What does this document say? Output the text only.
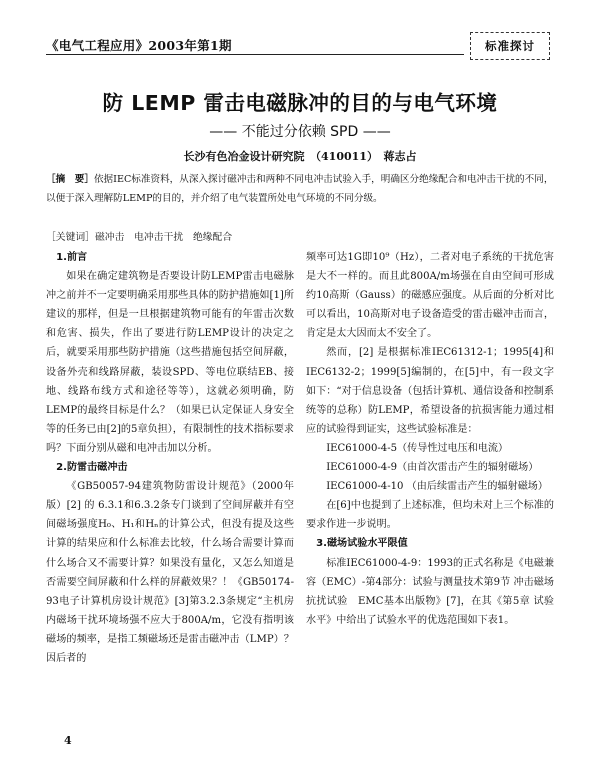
《电气工程应用》2003年第1期	标准探讨
防 LEMP 雷击电磁脉冲的目的与电气环境
—— 不能过分依赖 SPD ——
长沙有色冶金设计研究院　（410011）　蒋志占
［摘　要］依据IEC标准资料，从深入探讨磁冲击和两种不同电冲击试验入手，明确区分绝缘配合和电冲击干扰的不同，以便于深入理解防LEMP的目的，并介绍了电气装置所处电气环境的不同分级。
［关键词］磁冲击　电冲击干扰　绝缘配合
1.前言

如果在确定建筑物是否要设计防LEMP雷击电磁脉冲之前并不一定要明确采用那些具体的防护措施如[1]所建议的那样，但是一旦根据建筑物可能有的年雷击次数和危害、损失，作出了要进行防LEMP设计的决定之后，就要采用那些防护措施（这些措施包括空间屏蔽，设备外壳和线路屏蔽，装设SPD、等电位联结EB、接地、线路布线方式和途径等等），这就必须明确，防LEMP的最终目标是什么？（如果已认定保证人身安全等的任务已由[2]的5章负担），有限制性的技术指标要求吗？下面分别从磁和电冲击加以分析。

2.防雷击磁冲击

《GB50057-94建筑物防雷设计规范》（2000年版）[2] 的 6.3.1和6.3.2条专门谈到了空间屏蔽并有空间磁场强度H₀、H₁和Hₙ的计算公式，但没有提及这些计算的结果应和什么标准去比较，什么场合需要计算而什么场合又不需要计算？如果没有量化，又怎么知道是否需要空间屏蔽和什么样的屏蔽效果？！《GB50174-93电子计算机房设计规范》[3]第3.2.3条规定“主机房内磁场干扰环境场强不应大于800A/m，它没有指明该磁场的频率，是指工频磁场还是雷击磁冲击（LMP）？因后者的

频率可达1G即10⁹（Hz），二者对电子系统的干扰危害是大不一样的。而且此800A/m场强在自由空间可形成约10高斯（Gauss）的磁感应强度。从后面的分析对比可以看出，10高斯对电子设备造受的雷击磁冲击而言，肯定是太大因而太不安全了。

然而，[2] 是根据标准IEC61312-1；1995[4]和IEC6132-2；1999[5]编制的，在[5]中，有一段文字如下：“对于信息设备（包括计算机、通信设备和控制系统等的总称）防LEMP，希望设备的抗损害能力通过相应的试验得到证实，这些试验标准是：

IEC61000-4-5（传导性过电压和电流）
IEC61000-4-9（由首次雷击产生的辐射磁场）
IEC61000-4-10 （由后续雷击产生的辐射磁场）

在[6]中也提到了上述标准，但均未对上三个标准的要求作进一步说明。

3.磁场试验水平限值

标准IEC61000-4-9：1993的正式名称是《电磁兼容（EMC）-第4部分：试验与测量技术第9节 冲击磁场抗扰试验　EMC基本出版物》[7]，在其《第5章 试验水平》中给出了试验水平的优选范围如下表1。

4
